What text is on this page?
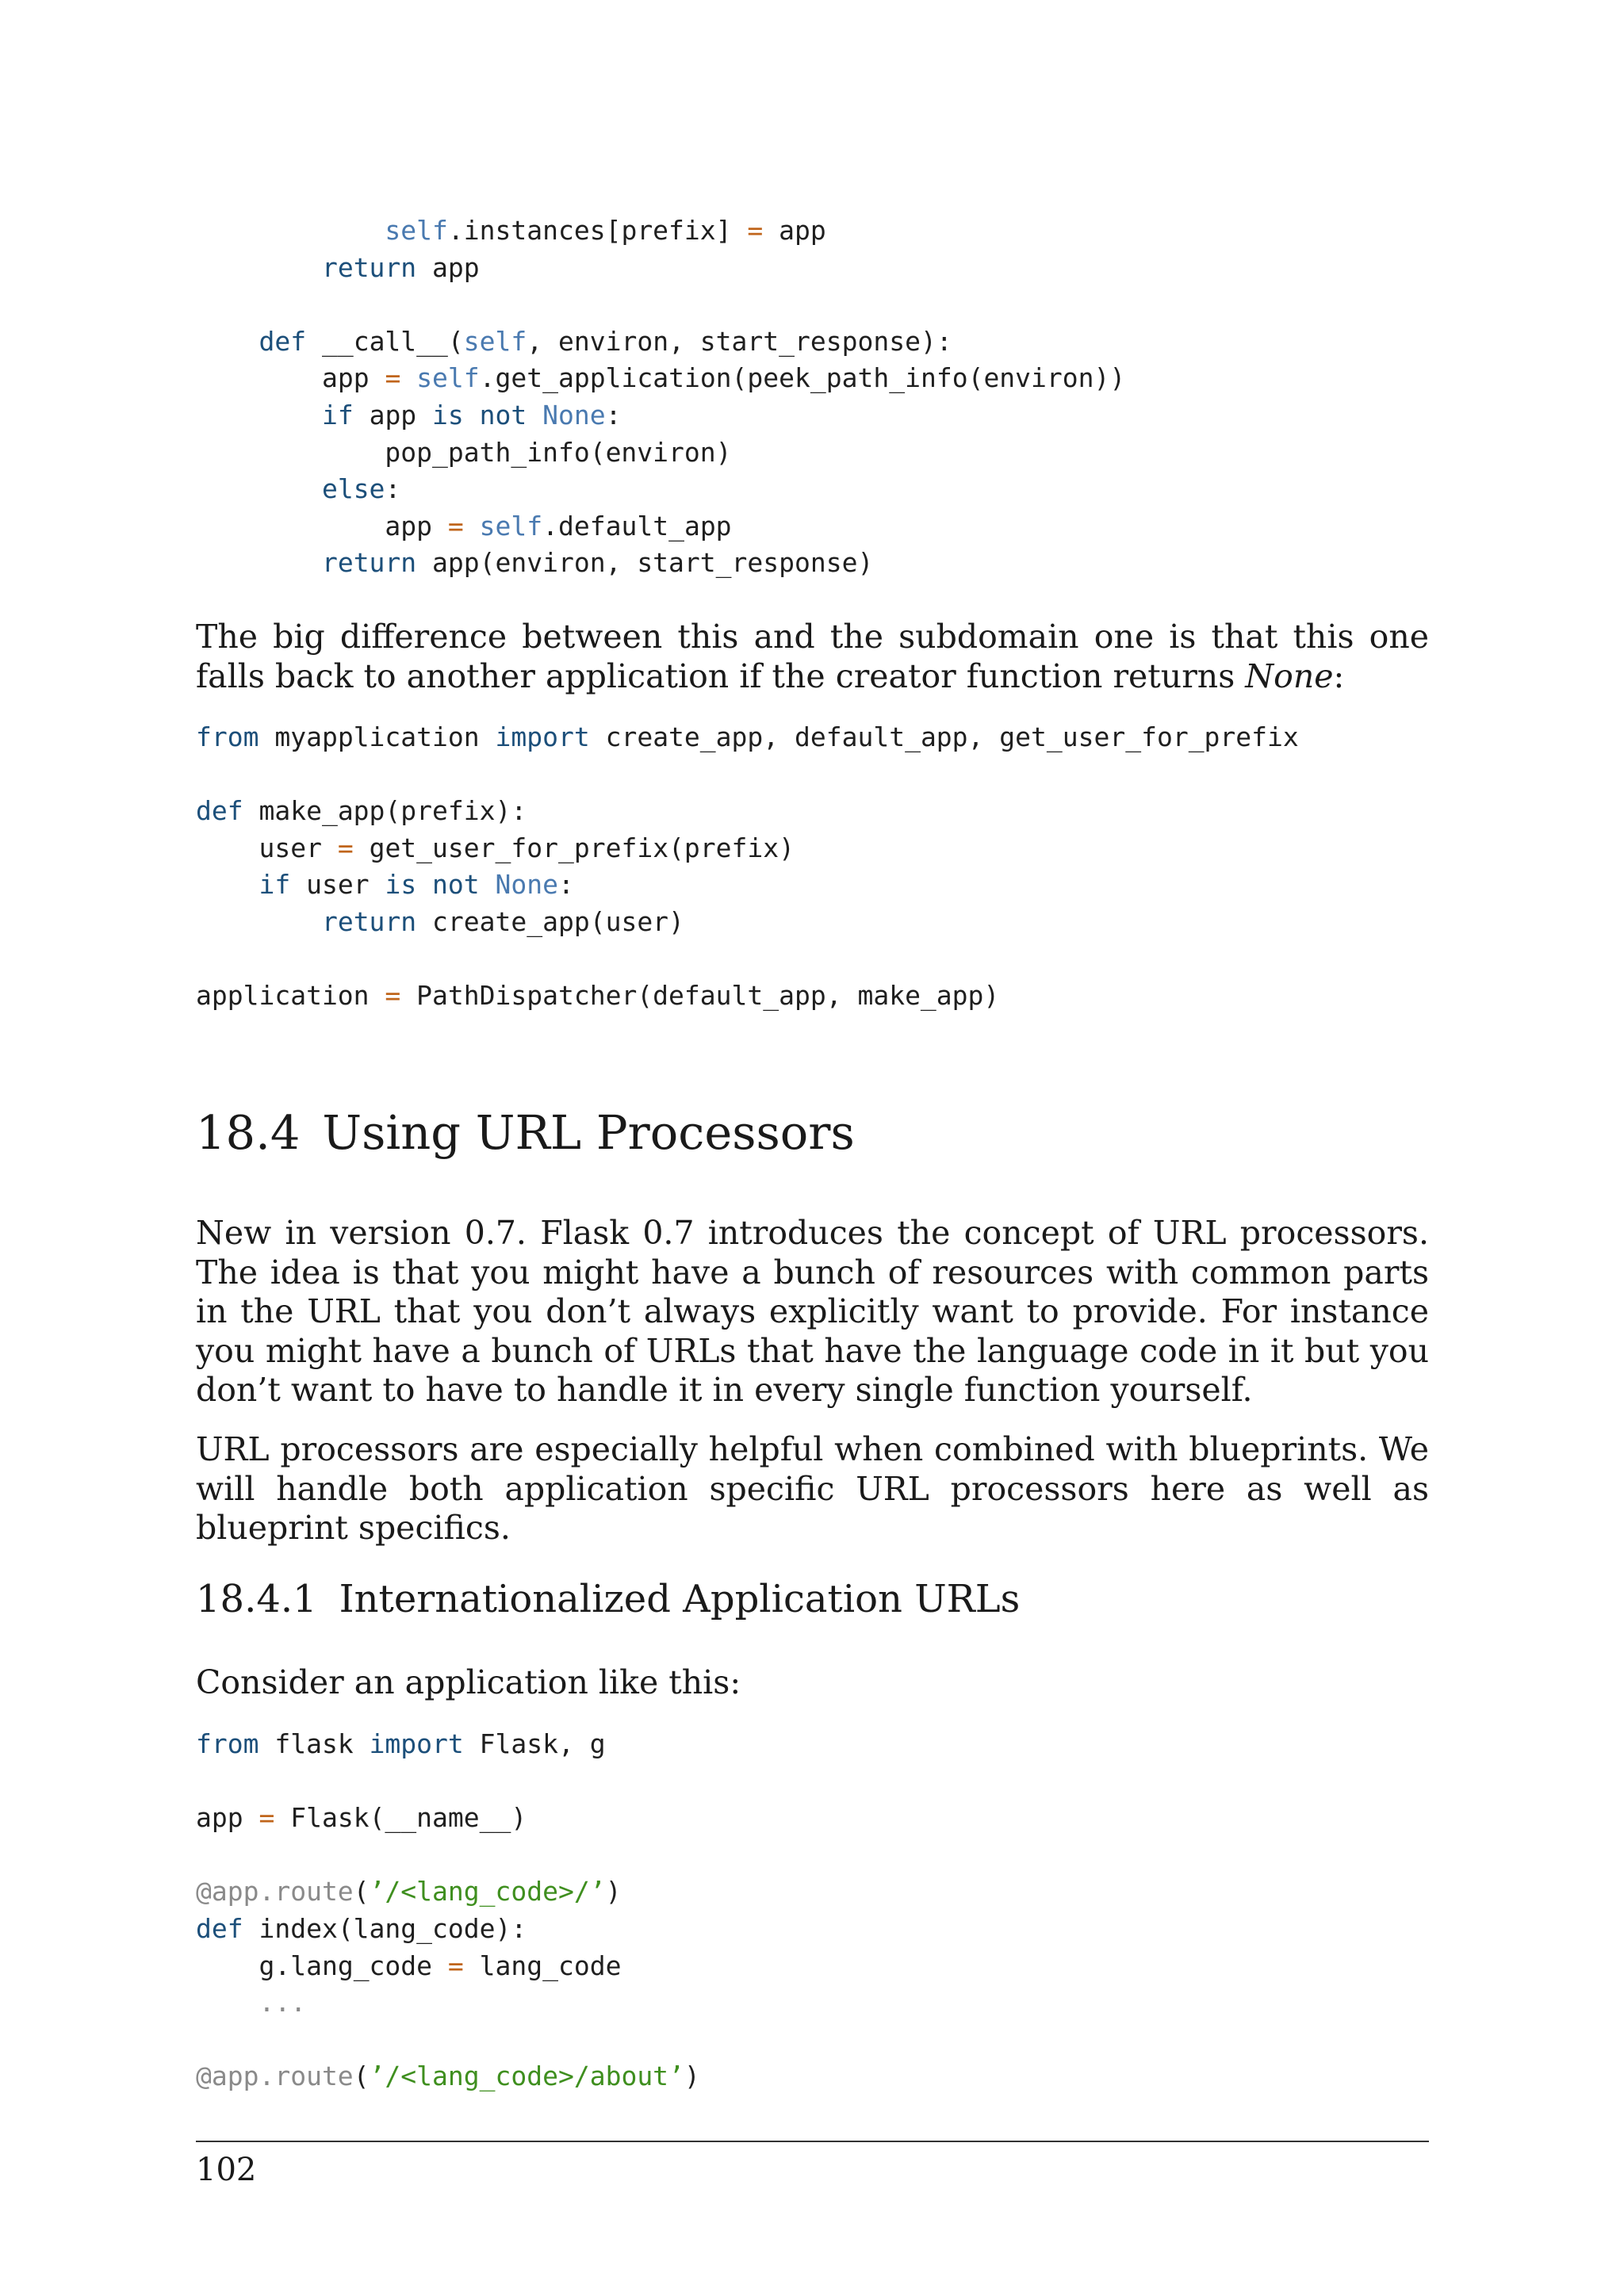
self.instances[prefix] = app
return app

def __call__(self, environ, start_response):
app = self.get_application(peek_path_info(environ))
if app is not None:
pop_path_info(environ)
else:
app = self.default_app
return app(environ, start_response)

The big difference between this and the subdomain one is that this one falls back to another application if the creator function returns None:

from myapplication import create_app, default_app, get_user_for_prefix

def make_app(prefix):
user = get_user_for_prefix(prefix)
if user is not None:
return create_app(user)

application = PathDispatcher(default_app, make_app)
18.4 Using URL Processors

New in version 0.7. Flask 0.7 introduces the concept of URL processors. The idea is that you might have a bunch of resources with common parts in the URL that you don’t always explicitly want to provide. For instance you might have a bunch of URLs that have the language code in it but you don’t want to have to handle it in every single function yourself.

URL processors are especially helpful when combined with blueprints. We will handle both application specific URL processors here as well as blueprint specifics.

18.4.1 Internationalized Application URLs

Consider an application like this:

from flask import Flask, g

app = Flask(__name__)

@app.route(’/<lang_code>/’)
def index(lang_code):
g.lang_code = lang_code
...

@app.route(’/<lang_code>/about’)

102
